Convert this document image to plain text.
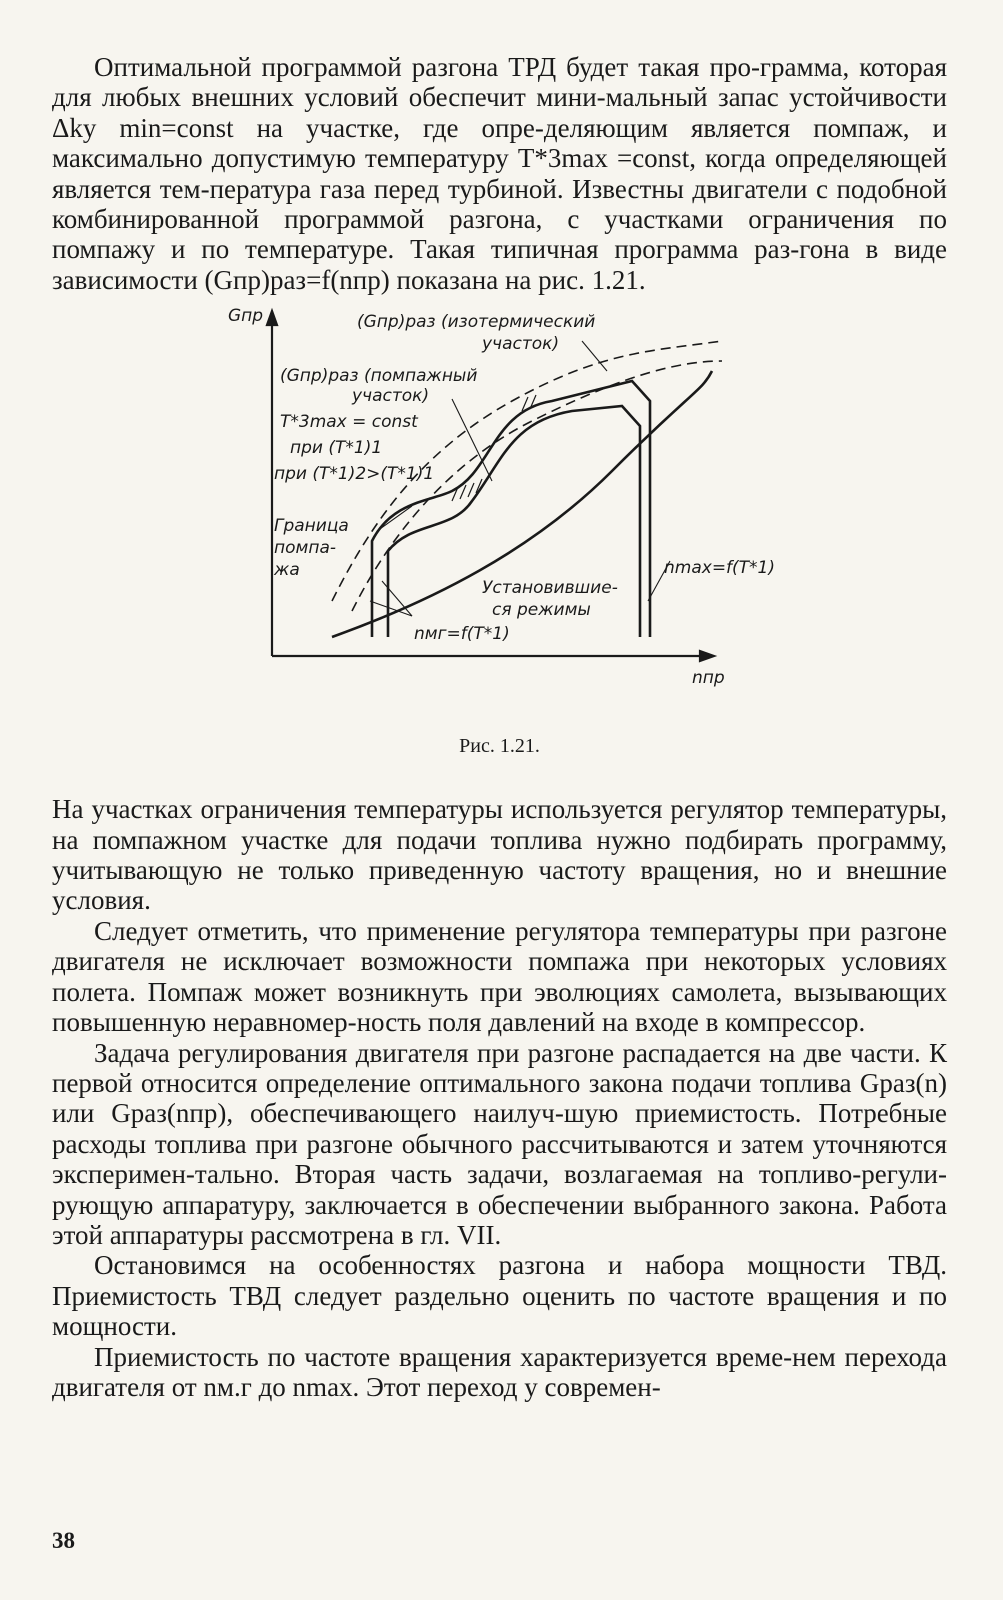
Оптимальной программой разгона ТРД будет такая про-грамма, которая для любых внешних условий обеспечит мини-мальный запас устойчивости Δky min=const на участке, где опре-деляющим является помпаж, и максимально допустимую температуру T*3max =const, когда определяющей является тем-пература газа перед турбиной. Известны двигатели с подобной комбинированной программой разгона, с участками ограничения по помпажу и по температуре. Такая типичная программа раз-гона в виде зависимости (Gпр)раз=f(nпр) показана на рис. 1.21.

Gпр
nпр
(Gпр)раз (изотермический
участок)
(Gпр)раз (помпажный
участок)
T*3max = const
при (T*1)1
при (T*1)2>(T*1)1
Граница
помпа-
жа
Установившие-
ся режимы
nмг=f(T*1)
nmax=f(T*1)
Рис. 1.21.

На участках ограничения температуры используется регулятор температуры, на помпажном участке для подачи топлива нужно подбирать программу, учитывающую не только приведенную частоту вращения, но и внешние условия.

Следует отметить, что применение регулятора температуры при разгоне двигателя не исключает возможности помпажа при некоторых условиях полета. Помпаж может возникнуть при эволюциях самолета, вызывающих повышенную неравномер-ность поля давлений на входе в компрессор.

Задача регулирования двигателя при разгоне распадается на две части. К первой относится определение оптимального закона подачи топлива Gраз(n) или Gраз(nпр), обеспечивающего наилуч-шую приемистость. Потребные расходы топлива при разгоне обычного рассчитываются и затем уточняются эксперимен-тально. Вторая часть задачи, возлагаемая на топливо-регули-рующую аппаратуру, заключается в обеспечении выбранного закона. Работа этой аппаратуры рассмотрена в гл. VII.

Остановимся на особенностях разгона и набора мощности ТВД. Приемистость ТВД следует раздельно оценить по частоте вращения и по мощности.

Приемистость по частоте вращения характеризуется време-нем перехода двигателя от nм.г до nmax. Этот переход у современ-

38
